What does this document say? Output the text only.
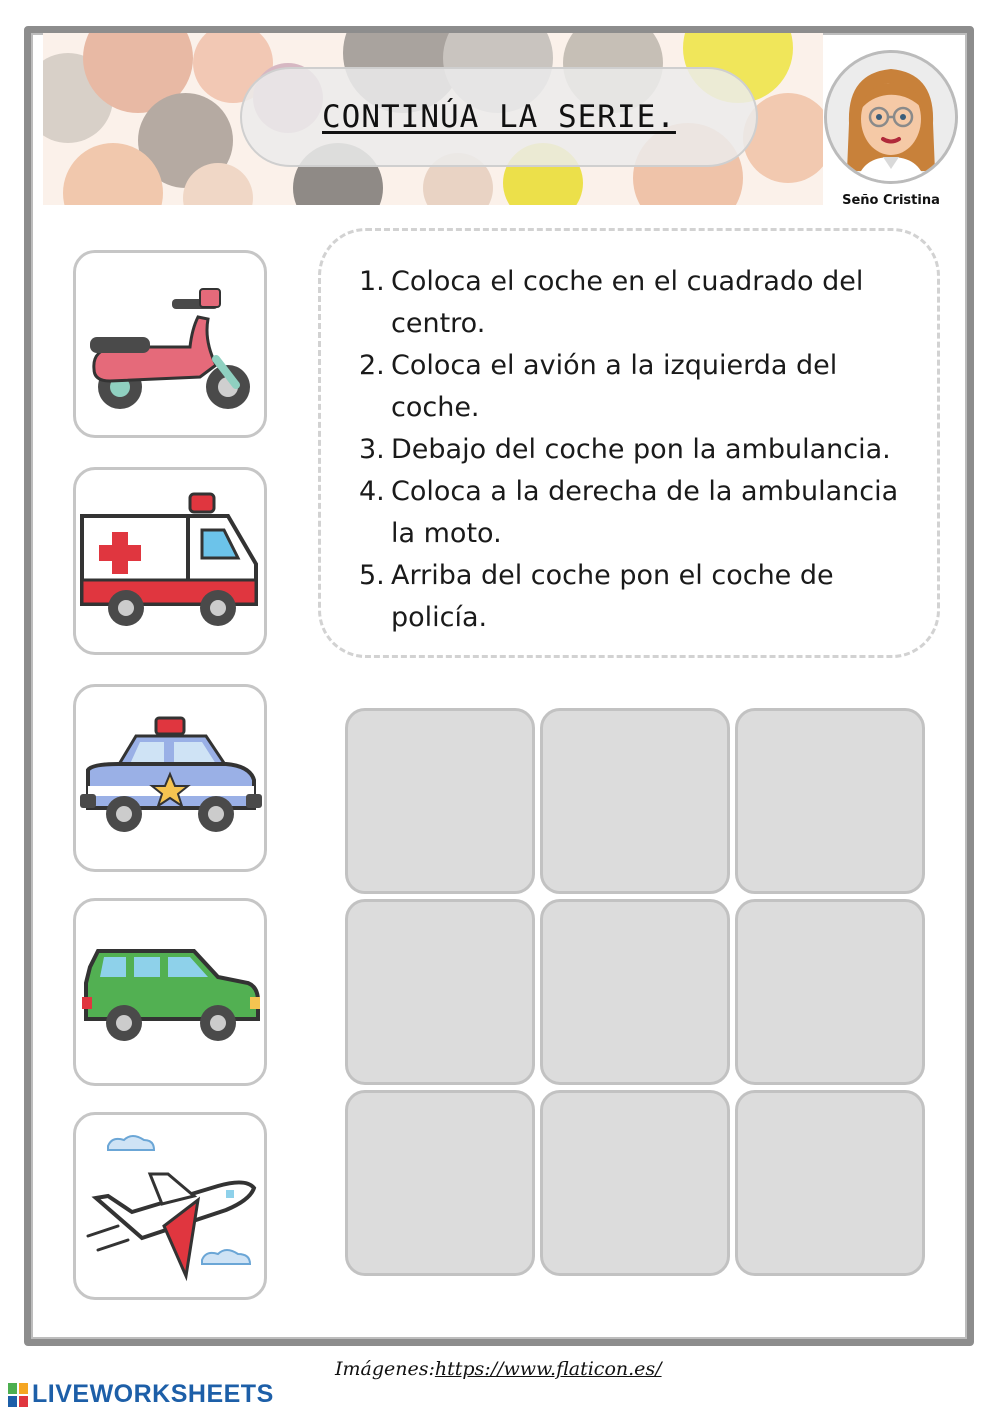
CONTINÚA LA SERIE.
Seño Cristina
1. Coloca el coche en el cuadrado del centro.
2. Coloca el avión a la izquierda del coche.
3. Debajo del coche pon la ambulancia.
4. Coloca a la derecha de la ambulancia la moto.
5. Arriba del coche pon el coche de policía.
Imágenes:https://www.flaticon.es/
LIVEWORKSHEETS
